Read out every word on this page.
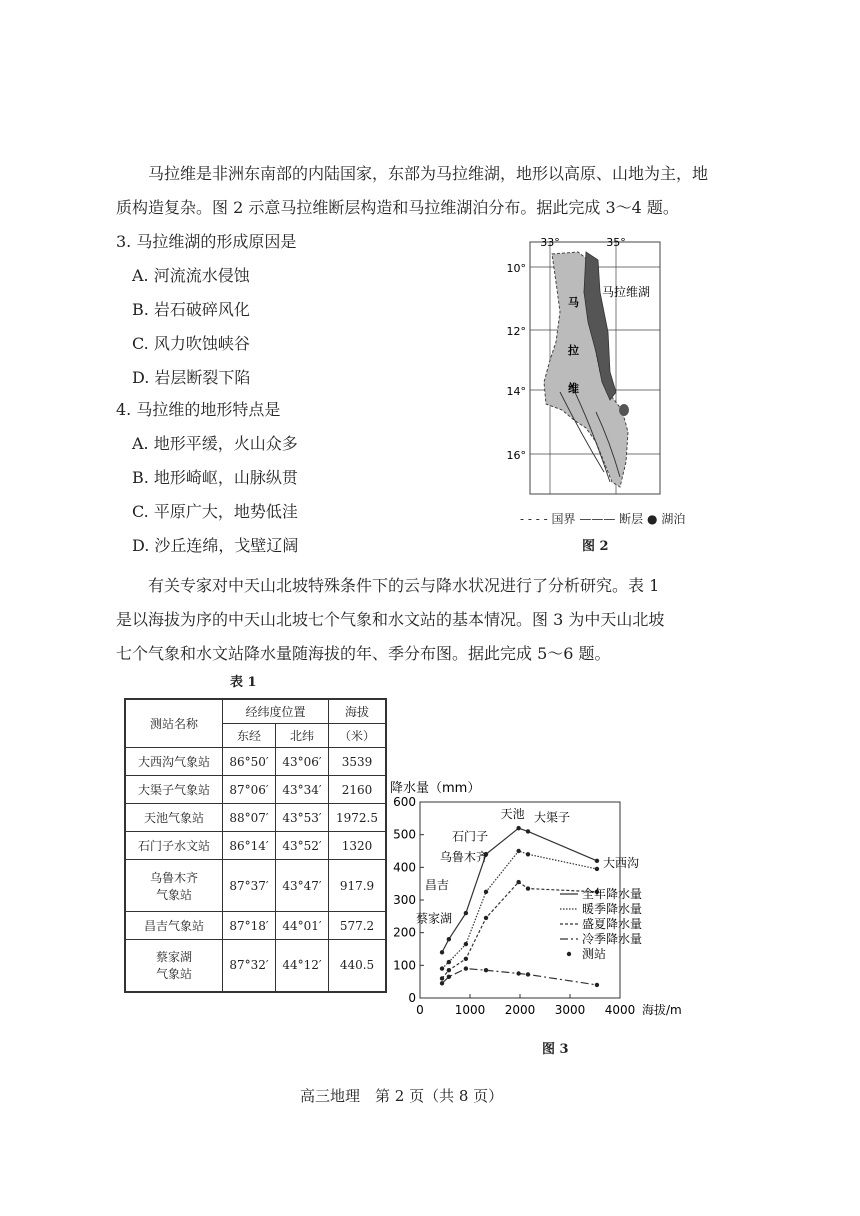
马拉维是非洲东南部的内陆国家，东部为马拉维湖，地形以高原、山地为主，地
质构造复杂。图 2 示意马拉维断层构造和马拉维湖泊分布。据此完成 3～4 题。
3. 马拉维湖的形成原因是
A. 河流流水侵蚀
B. 岩石破碎风化
C. 风力吹蚀峡谷
D. 岩层断裂下陷
4. 马拉维的地形特点是
A. 地形平缓，火山众多
B. 地形崎岖，山脉纵贯
C. 平原广大，地势低洼
D. 沙丘连绵，戈壁辽阔
33°	35°
10°
12°
14°
16°
马拉维湖
马
拉
维
- - - - 国界 ——— 断层 ● 湖泊
图 2
有关专家对中天山北坡特殊条件下的云与降水状况进行了分析研究。表 1
是以海拔为序的中天山北坡七个气象和水文站的基本情况。图 3 为中天山北坡
七个气象和水文站降水量随海拔的年、季分布图。据此完成 5～6 题。
表 1
测站名称	经纬度位置		海拔
	东经	北纬	（米）
大西沟气象站	86°50′	43°06′	3539
大渠子气象站	87°06′	43°34′	2160
天池气象站	88°07′	43°53′	1972.5
石门子水文站	86°14′	43°52′	1320

乌鲁木齐
气象站	87°37′	43°47′	917.9
昌吉气象站	87°18′	44°01′	577.2

蔡家湖
气象站	87°32′	44°12′	440.5
降水量（mm）
0
100
200
300
400
500
600
0	1000 2000 3000 4000 海拔/m
蔡家湖
昌吉
乌鲁木齐
石门子
天池 大渠子
大西沟
全年降水量
暖季降水量
盛夏降水量
冷季降水量
测站
图 3
高三地理　第 2 页（共 8 页）
